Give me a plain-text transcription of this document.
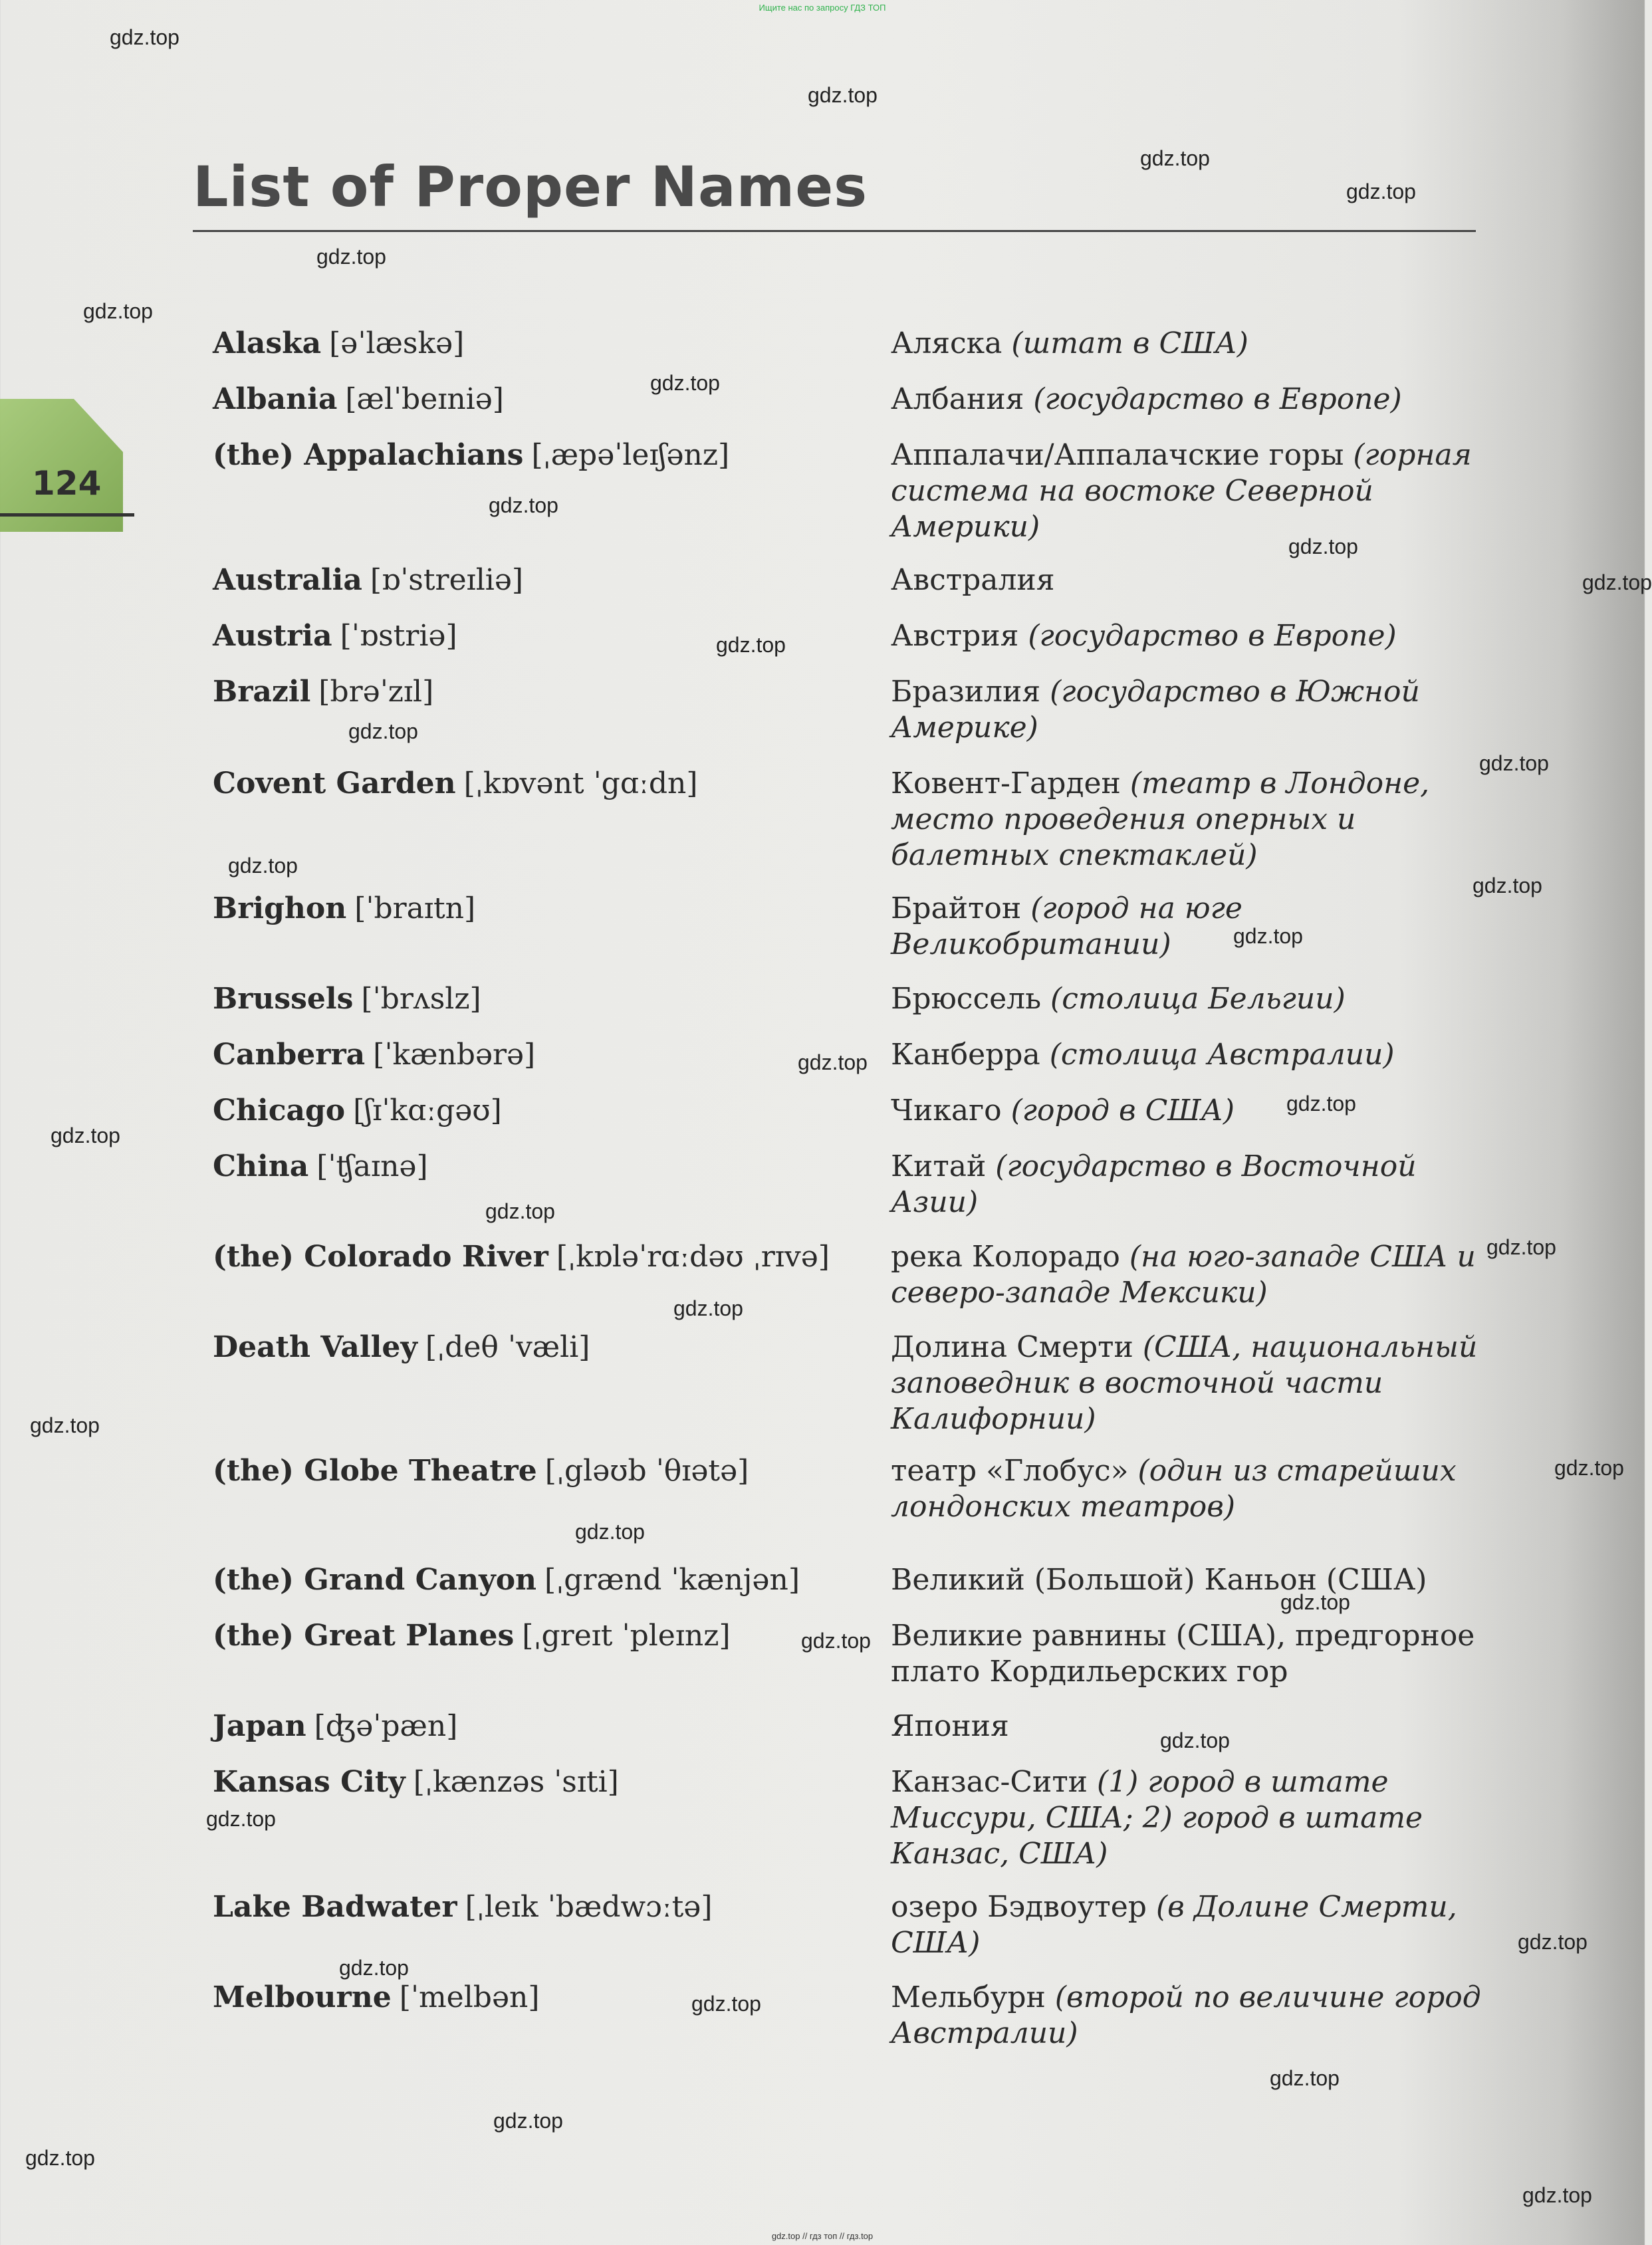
Ищите нас по запросу ГДЗ ТОП
124

List of Proper Names
Alaska [əˈlæskə]	Аляска (штат в США)
Albania [ælˈbeɪniə]	Албания (государство в Европе)
(the) Appalachians [ˌæpəˈleɪʃənz]	Аппалачи/Аппалачские горы (горная система на востоке Северной Америки)
Australia [ɒˈstreɪliə]	Австралия
Austria [ˈɒstriə]	Австрия (государство в Европе)
Brazil [brəˈzɪl]	Бразилия (государство в Южной Америке)
Covent Garden [ˌkɒvənt ˈgɑːdn]	Ковент-Гарден (театр в Лондоне, место проведения оперных и балетных спектаклей)
Brighon [ˈbraɪtn]	Брайтон (город на юге Великобритании)
Brussels [ˈbrʌslz]	Брюссель (столица Бельгии)
Canberra [ˈkænbərə]	Канберра (столица Австралии)
Chicago [ʃɪˈkɑːgəʊ]	Чикаго (город в США)
China [ˈʧaɪnə]	Китай (государство в Восточной Азии)
(the) Colorado River [ˌkɒləˈrɑːdəʊ ˌrɪvə]	река Колорадо (на юго-западе США и северо-западе Мексики)
Death Valley [ˌdeθ ˈvæli]	Долина Смерти (США, национальный заповедник в восточной части Калифорнии)
(the) Globe Theatre [ˌgləʊb ˈθɪətə]	театр «Глобус» (один из старейших лондонских театров)
(the) Grand Canyon [ˌgrænd ˈkænjən]	Великий (Большой) Каньон (США)
(the) Great Planes [ˌgreɪt ˈpleɪnz]	Великие равнины (США), предгорное плато Кордильерских гор
Japan [ʤəˈpæn]	Япония
Kansas City [ˌkænzəs ˈsɪti]	Канзас-Сити (1) город в штате Миссури, США; 2) город в штате Канзас, США)
Lake Badwater [ˌleɪk ˈbædwɔːtə]	озеро Бэдвоутер (в Долине Смерти, США)
Melbourne [ˈmelbən]	Мельбурн (второй по величине город Австралии)
gdz.top
gdz.top
gdz.top
gdz.top
gdz.top
gdz.top
gdz.top
gdz.top
gdz.top
gdz.top
gdz.top
gdz.top
gdz.top
gdz.top
gdz.top
gdz.top
gdz.top
gdz.top
gdz.top
gdz.top
gdz.top
gdz.top
gdz.top
gdz.top
gdz.top
gdz.top
gdz.top
gdz.top
gdz.top
gdz.top
gdz.top
gdz.top
gdz.top
gdz.top
gdz.top
gdz.top
gdz.top // гдз топ // гдз.top
